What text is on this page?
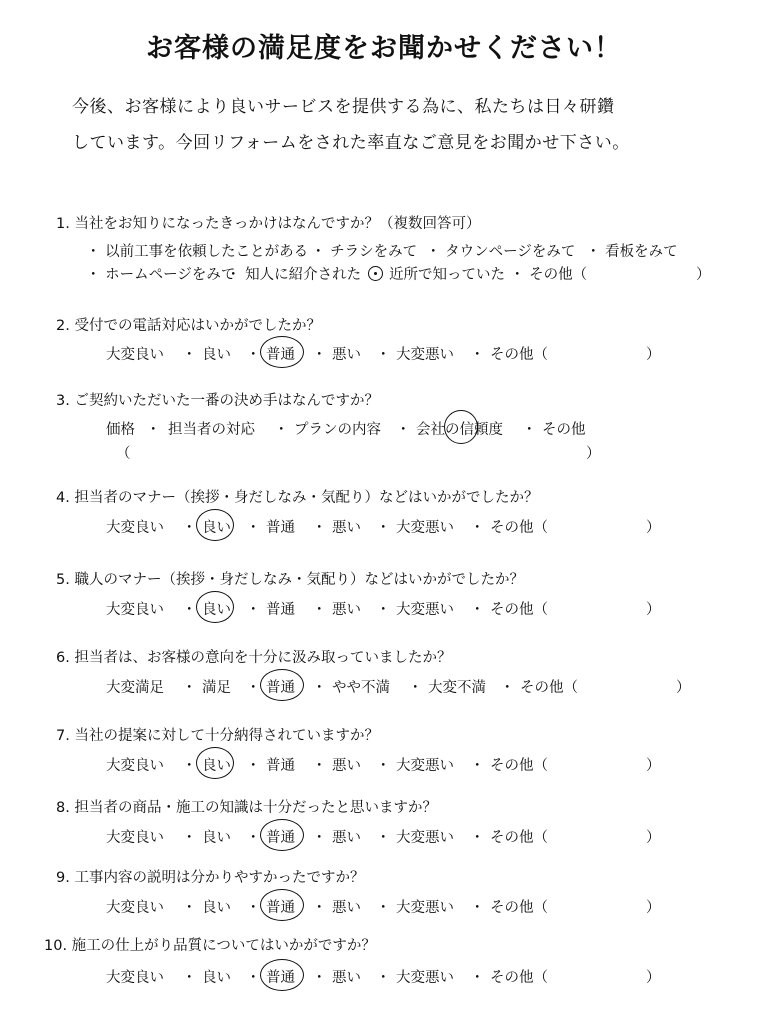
お客様の満足度をお聞かせください！
今後、お客様により良いサービスを提供する為に、私たちは日々研鑽
しています。今回リフォームをされた率直なご意見をお聞かせ下さい。
1. 当社をお知りになったきっかけはなんですか？（複数回答可）
・ 以前工事を依頼したことがある ・ チラシをみて ・ タウンページをみて ・ 看板をみて
・ ホームページをみて
・ 知人に紹介された 近所で知っていた ・ その他（	）
2. 受付での電話対応はいかがでしたか？
大変良い ・ 良い ・ 普通 ・ 悪い ・ 大変悪い ・ その他（	）
3. ご契約いただいた一番の決め手はなんですか？
価格 ・ 担当者の対応 ・ プランの内容 ・ 会社の信頼度 ・ その他
（	）
4. 担当者のマナー（挨拶・身だしなみ・気配り）などはいかがでしたか？
大変良い ・ 良い ・ 普通 ・ 悪い ・ 大変悪い ・ その他（	）
5. 職人のマナー（挨拶・身だしなみ・気配り）などはいかがでしたか？
大変良い ・ 良い ・ 普通 ・ 悪い ・ 大変悪い ・ その他（	）
6. 担当者は、お客様の意向を十分に汲み取っていましたか？
大変満足 ・ 満足 ・ 普通 ・ やや不満 ・ 大変不満 ・ その他（	）
7. 当社の提案に対して十分納得されていますか？
大変良い ・ 良い ・ 普通 ・ 悪い ・ 大変悪い ・ その他（	）
8. 担当者の商品・施工の知識は十分だったと思いますか？
大変良い ・ 良い ・ 普通 ・ 悪い ・ 大変悪い ・ その他（	）
9. 工事内容の説明は分かりやすかったですか？
大変良い ・ 良い ・ 普通 ・ 悪い ・ 大変悪い ・ その他（	）
10. 施工の仕上がり品質についてはいかがですか？
大変良い ・ 良い ・ 普通 ・ 悪い ・ 大変悪い ・ その他（	）
